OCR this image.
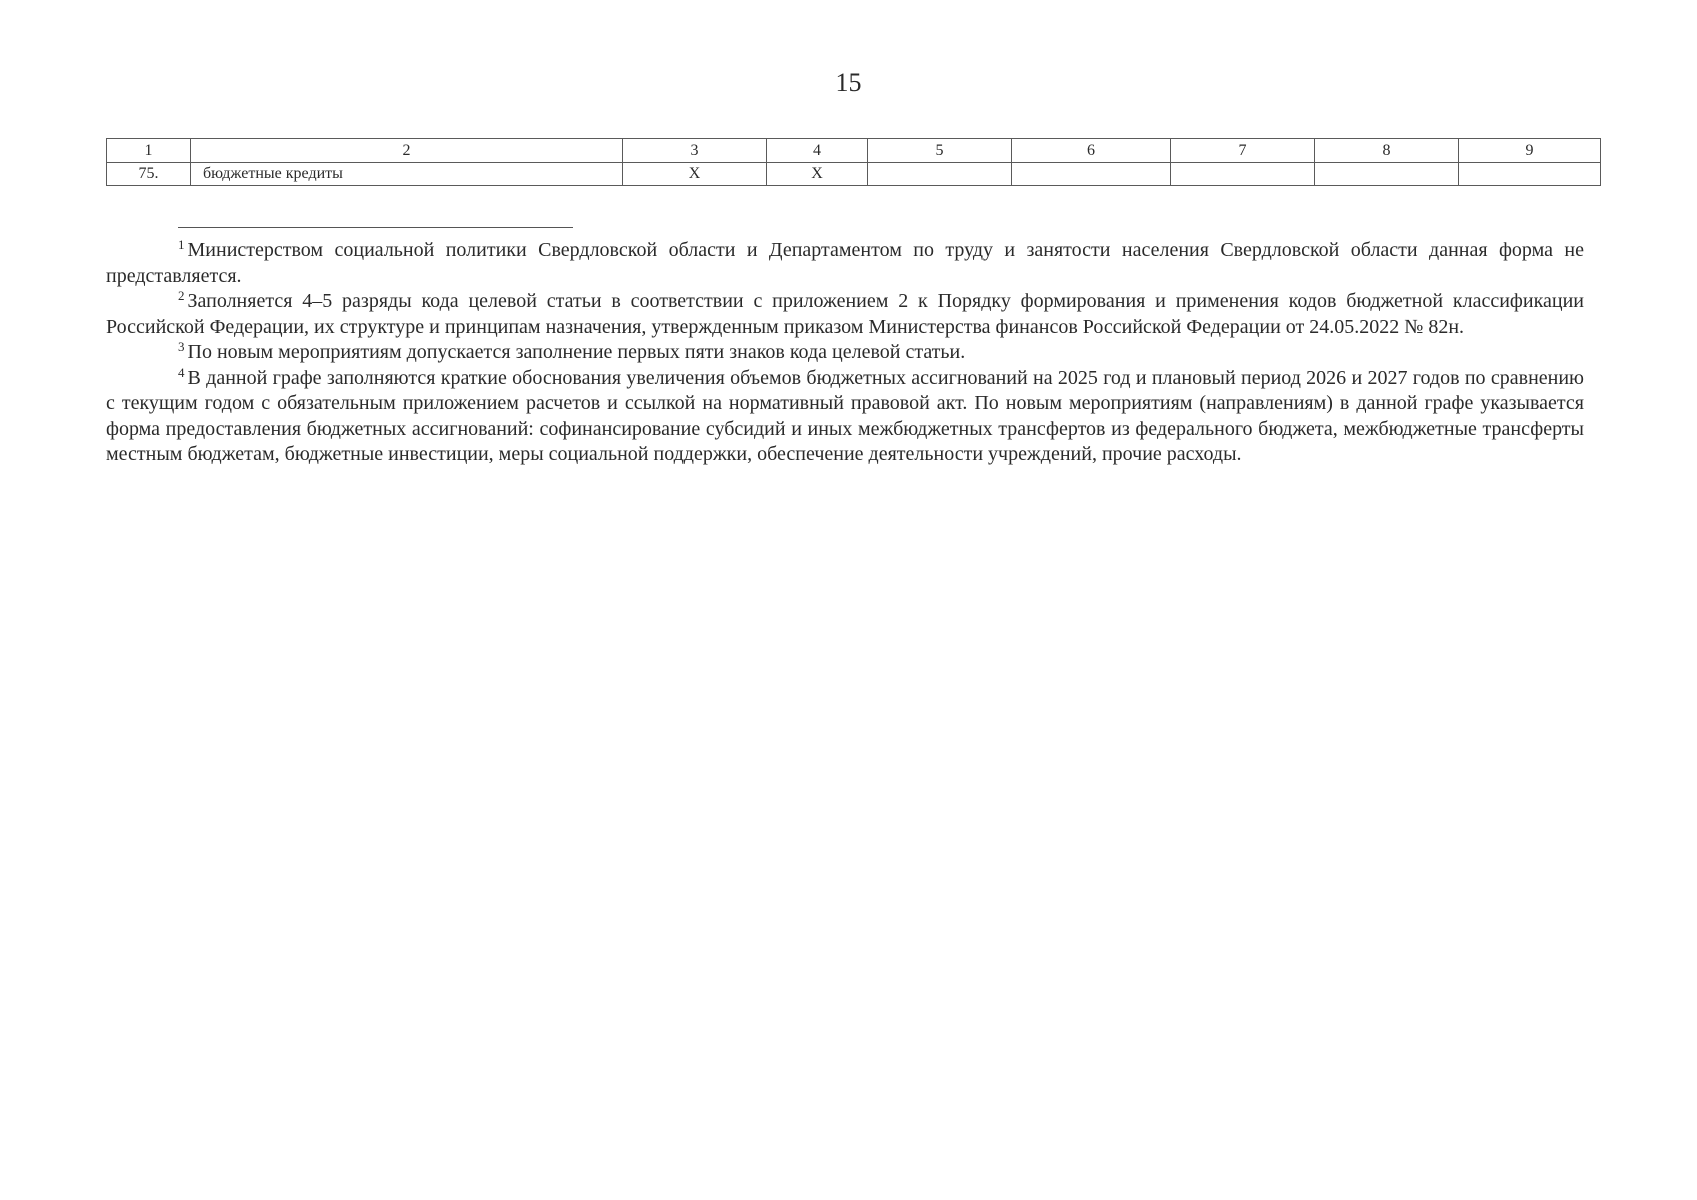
15
1	2	3	4	5	6	7	8	9
75.	бюджетные кредиты	X	X					

$^1$ Министерством социальной политики Свердловской области и Департаментом по труду и занятости населения Свердловской области данная форма не представляется.

$^2$ Заполняется 4–5 разряды кода целевой статьи в соответствии с приложением 2 к Порядку формирования и применения кодов бюджетной классификации Российской Федерации, их структуре и принципам назначения, утвержденным приказом Министерства финансов Российской Федерации от 24.05.2022 № 82н.

$^3$ По новым мероприятиям допускается заполнение первых пяти знаков кода целевой статьи.

$^4$ В данной графе заполняются краткие обоснования увеличения объемов бюджетных ассигнований на 2025 год и плановый период 2026 и 2027 годов по сравнению с текущим годом с обязательным приложением расчетов и ссылкой на нормативный правовой акт. По новым мероприятиям (направлениям) в данной графе указывается форма предоставления бюджетных ассигнований: софинансирование субсидий и иных межбюджетных трансфертов из федерального бюджета, межбюджетные трансферты местным бюджетам, бюджетные инвестиции, меры социальной поддержки, обеспечение деятельности учреждений, прочие расходы.
